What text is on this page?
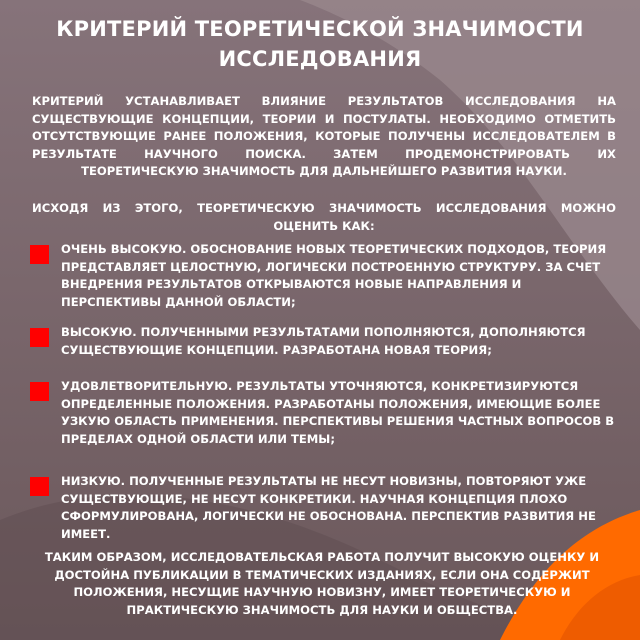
КРИТЕРИЙ ТЕОРЕТИЧЕСКОЙ ЗНАЧИМОСТИ ИССЛЕДОВАНИЯ
КРИТЕРИЙ УСТАНАВЛИВАЕТ ВЛИЯНИЕ РЕЗУЛЬТАТОВ ИССЛЕДОВАНИЯ НА СУЩЕСТВУЮЩИЕ КОНЦЕПЦИИ, ТЕОРИИ И ПОСТУЛАТЫ. НЕОБХОДИМО ОТМЕТИТЬ ОТСУТСТВУЮЩИЕ РАНЕЕ ПОЛОЖЕНИЯ, КОТОРЫЕ ПОЛУЧЕНЫ ИССЛЕДОВАТЕЛЕМ В РЕЗУЛЬТАТЕ НАУЧНОГО ПОИСКА. ЗАТЕМ ПРОДЕМОНСТРИРОВАТЬ ИХ ТЕОРЕТИЧЕСКУЮ ЗНАЧИМОСТЬ ДЛЯ ДАЛЬНЕЙШЕГО РАЗВИТИЯ НАУКИ.
ИСХОДЯ ИЗ ЭТОГО, ТЕОРЕТИЧЕСКУЮ ЗНАЧИМОСТЬ ИССЛЕДОВАНИЯ МОЖНО ОЦЕНИТЬ КАК:
ОЧЕНЬ ВЫСОКУЮ. ОБОСНОВАНИЕ НОВЫХ ТЕОРЕТИЧЕСКИХ ПОДХОДОВ, ТЕОРИЯ ПРЕДСТАВЛЯЕТ ЦЕЛОСТНУЮ, ЛОГИЧЕСКИ ПОСТРОЕННУЮ СТРУКТУРУ. ЗА СЧЕТ ВНЕДРЕНИЯ РЕЗУЛЬТАТОВ ОТКРЫВАЮТСЯ НОВЫЕ НАПРАВЛЕНИЯ И ПЕРСПЕКТИВЫ ДАННОЙ ОБЛАСТИ;
ВЫСОКУЮ. ПОЛУЧЕННЫМИ РЕЗУЛЬТАТАМИ ПОПОЛНЯЮТСЯ, ДОПОЛНЯЮТСЯ СУЩЕСТВУЮЩИЕ КОНЦЕПЦИИ. РАЗРАБОТАНА НОВАЯ ТЕОРИЯ;
УДОВЛЕТВОРИТЕЛЬНУЮ. РЕЗУЛЬТАТЫ УТОЧНЯЮТСЯ, КОНКРЕТИЗИРУЮТСЯ ОПРЕДЕЛЕННЫЕ ПОЛОЖЕНИЯ. РАЗРАБОТАНЫ ПОЛОЖЕНИЯ, ИМЕЮЩИЕ БОЛЕЕ УЗКУЮ ОБЛАСТЬ ПРИМЕНЕНИЯ. ПЕРСПЕКТИВЫ РЕШЕНИЯ ЧАСТНЫХ ВОПРОСОВ В ПРЕДЕЛАХ ОДНОЙ ОБЛАСТИ ИЛИ ТЕМЫ;
НИЗКУЮ. ПОЛУЧЕННЫЕ РЕЗУЛЬТАТЫ НЕ НЕСУТ НОВИЗНЫ, ПОВТОРЯЮТ УЖЕ СУЩЕСТВУЮЩИЕ, НЕ НЕСУТ КОНКРЕТИКИ. НАУЧНАЯ КОНЦЕПЦИЯ ПЛОХО СФОРМУЛИРОВАНА, ЛОГИЧЕСКИ НЕ ОБОСНОВАНА. ПЕРСПЕКТИВ РАЗВИТИЯ НЕ ИМЕЕТ.
ТАКИМ ОБРАЗОМ, ИССЛЕДОВАТЕЛЬСКАЯ РАБОТА ПОЛУЧИТ ВЫСОКУЮ ОЦЕНКУ И ДОСТОЙНА ПУБЛИКАЦИИ В ТЕМАТИЧЕСКИХ ИЗДАНИЯХ, ЕСЛИ ОНА СОДЕРЖИТ ПОЛОЖЕНИЯ, НЕСУЩИЕ НАУЧНУЮ НОВИЗНУ, ИМЕЕТ ТЕОРЕТИЧЕСКУЮ И ПРАКТИЧЕСКУЮ ЗНАЧИМОСТЬ ДЛЯ НАУКИ И ОБЩЕСТВА.
